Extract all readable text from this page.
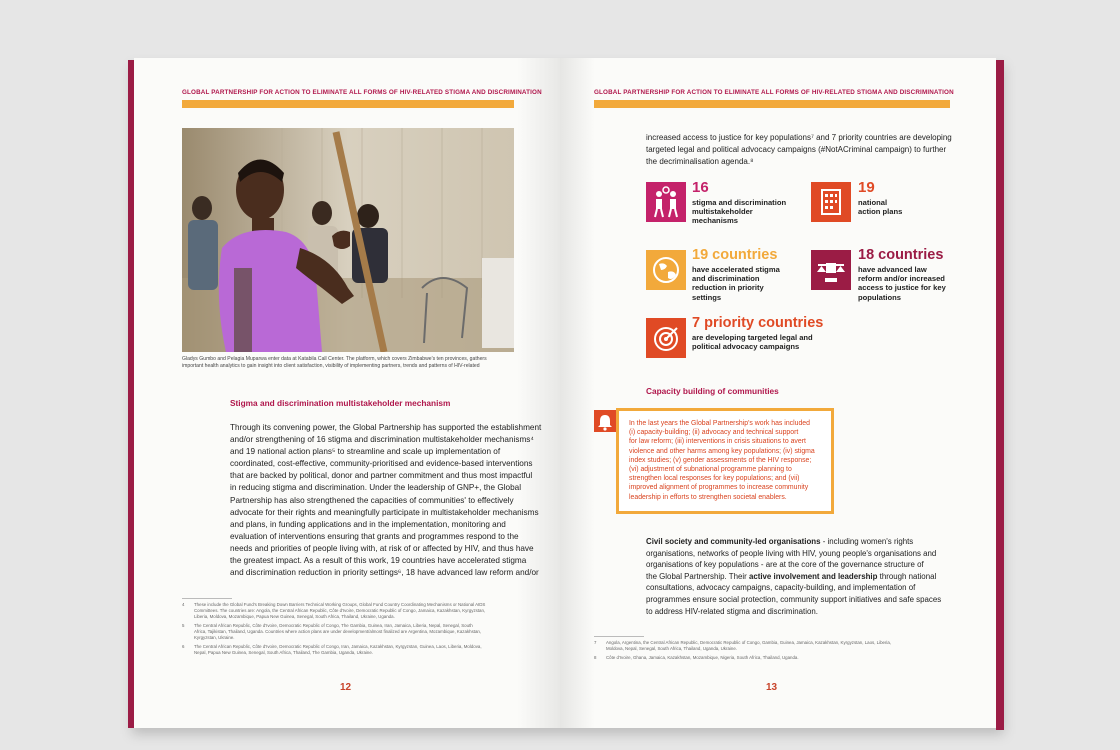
GLOBAL PARTNERSHIP FOR ACTION TO ELIMINATE ALL FORMS OF HIV-RELATED STIGMA AND DISCRIMINATION
Gladys Gumbo and Pelagia Muparwa enter data at Katabila Call Center. The platform, which covers Zimbabwe's ten provinces, gathers
important health analytics to gain insight into client satisfaction, visibility of implementing partners, trends and patterns of HIV-related
Stigma and discrimination multistakeholder mechanism
Through its convening power, the Global Partnership has supported the establishment
and/or strengthening of 16 stigma and discrimination multistakeholder mechanisms⁴
and 19 national action plans⁵ to streamline and scale up implementation of
coordinated, cost-effective, community-prioritised and evidence-based interventions
that are backed by political, donor and partner commitment and thus most impactful
in reducing stigma and discrimination. Under the leadership of GNP+, the Global
Partnership has also strengthened the capacities of communities' to effectively
advocate for their rights and meaningfully participate in multistakeholder mechanisms
and plans, in funding applications and in the implementation, monitoring and
evaluation of interventions ensuring that grants and programmes respond to the
needs and priorities of people living with, at risk of or affected by HIV, and thus have
the greatest impact. As a result of this work, 19 countries have accelerated stigma
and discrimination reduction in priority settings⁶, 18 have advanced law reform and/or
4 These include the Global Fund's Breaking Down Barriers Technical Working Groups, Global Fund Country Coordinating Mechanisms or National AIDS
Committees. The countries are: Angola, the Central African Republic, Côte d'Ivoire, Democratic Republic of Congo, Jamaica, Kazakhstan, Kyrgyzstan,
Liberia, Moldova, Mozambique, Papua New Guinea, Senegal, South Africa, Thailand, Ukraine, Uganda.
5 The Central African Republic, Côte d'Ivoire, Democratic Republic of Congo, The Gambia, Guinea, Iran, Jamaica, Liberia, Nepal, Senegal, South
Africa, Tajikistan, Thailand, Uganda. Countries where action plans are under development/almost finalized are Argentina, Mozambique, Kazakhstan,
Kyrgyzstan, Ukraine.
6 The Central African Republic, Côte d'Ivoire, Democratic Republic of Congo, Iran, Jamaica, Kazakhstan, Kyrgyzstan, Guinea, Laos, Liberia, Moldova,
Nepal, Papua New Guinea, Senegal, South Africa, Thailand, The Gambia, Uganda, Ukraine.
12
GLOBAL PARTNERSHIP FOR ACTION TO ELIMINATE ALL FORMS OF HIV-RELATED STIGMA AND DISCRIMINATION
increased access to justice for key populations⁷ and 7 priority countries are developing
targeted legal and political advocacy campaigns (#NotACriminal campaign) to further
the decriminalisation agenda.⁸
16
stigma and discrimination
multistakeholder
mechanisms
19
national
action plans
19 countries
have accelerated stigma
and discrimination
reduction in priority
settings
18 countries
have advanced law
reform and/or increased
access to justice for key
populations
7 priority countries
are developing targeted legal and
political advocacy campaigns
Capacity building of communities
In the last years the Global Partnership's work has included
(i) capacity-building; (ii) advocacy and technical support
for law reform; (iii) interventions in crisis situations to avert
violence and other harms among key populations; (iv) stigma
index studies; (v) gender assessments of the HIV response;
(vi) adjustment of subnational programme planning to
strengthen local responses for key populations; and (vii)
improved alignment of programmes to increase community
leadership in efforts to strengthen societal enablers.
Civil society and community-led organisations - including women's rights
organisations, networks of people living with HIV, young people's organisations and
organisations of key populations - are at the core of the governance structure of
the Global Partnership. Their active involvement and leadership through national
consultations, advocacy campaigns, capacity-building, and implementation of
programmes ensure social protection, community support initiatives and safe spaces
to address HIV-related stigma and discrimination.
7 Angola, Argentina, the Central African Republic, Democratic Republic of Congo, Gambia, Guinea, Jamaica, Kazakhstan, Kyrgyzstan, Laos, Liberia,
Moldova, Nepal, Senegal, South Africa, Thailand, Uganda, Ukraine.
8 Côte d'Ivoire, Ghana, Jamaica, Kazakhstan, Mozambique, Nigeria, South Africa, Thailand, Uganda.
13
